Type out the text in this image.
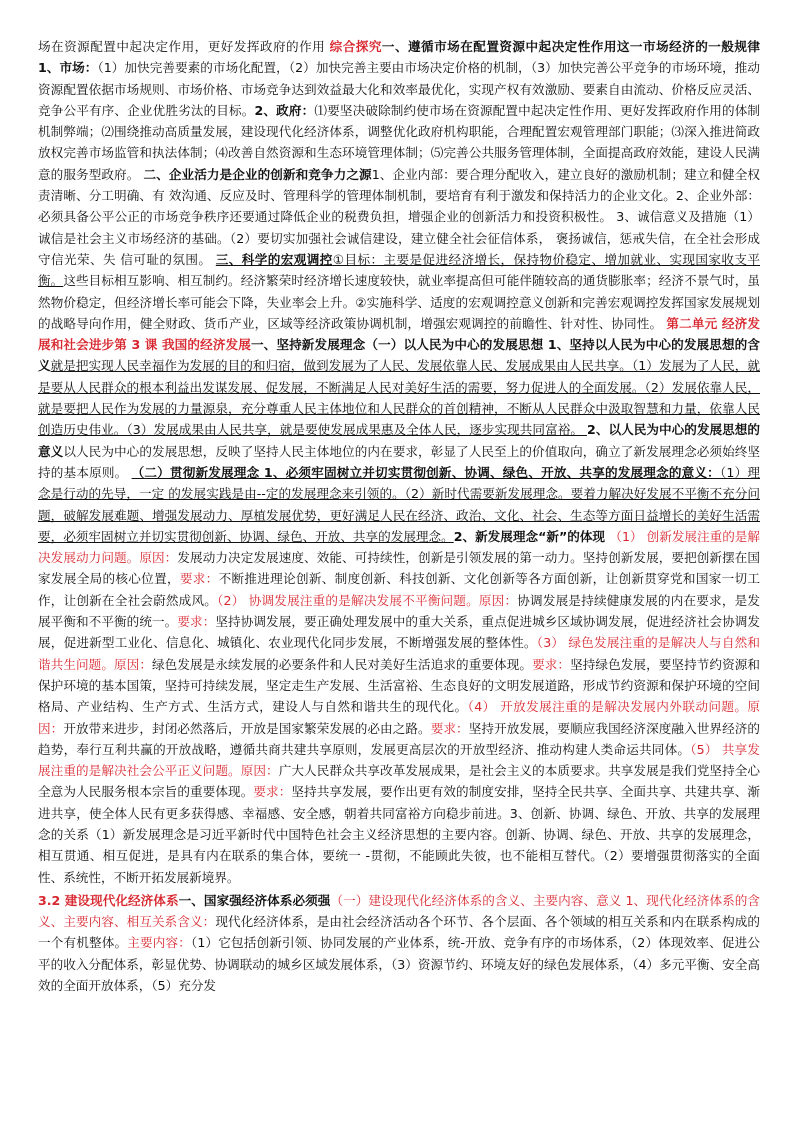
场在资源配置中起决定作用，更好发挥政府的作用 综合探究一、遵循市场在配置资源中起决定性作用这一市场经济的一般规律 1、市场：（1）加快完善要素的市场化配置，（2）加快完善主要由市场决定价格的机制，（3）加快完善公平竞争的市场环境，推动资源配置依据市场规则、市场价格、市场竞争达到效益最大化和效率最优化，实现产权有效激励、要素自由流动、价格反应灵活、竞争公平有序、企业优胜劣汰的目标。2、政府：⑴要坚决破除制约使市场在资源配置中起决定性作用、更好发挥政府作用的体制机制弊端；⑵围绕推动高质量发展，建设现代化经济体系，调整优化政府机构职能，合理配置宏观管理部门职能；⑶深入推进简政放权完善市场监管和执法体制；⑷改善自然资源和生态环境管理体制；⑸完善公共服务管理体制，全面提高政府效能，建设人民满意的服务型政府。 二、企业活力是企业的创新和竞争力之源1、企业内部：要合理分配收入，建立良好的激励机制；建立和健全权责清晰、分工明确、有 效沟通、反应及时、管理科学的管理体制机制，要培育有利于激发和保持活力的企业文化。2、企业外部：必须具备公平公正的市场竞争秩序还要通过降低企业的税费负担，增强企业的创新活力和投资积极性。 3、诚信意义及措施（1）诚信是社会主义市场经济的基础。（2）要切实加强社会诚信建设，建立健全社会征信体系， 褒扬诚信，惩戒失信，在全社会形成守信光荣、失 信可耻的氛围。 三、科学的宏观调控①目标：主要是促进经济增长，保持物价稳定、增加就业、实现国家收支平衡。这些目标相互影响、相互制约。经济繁荣时经济增长速度较快，就业率提高但可能伴随较高的通货膨胀率；经济不景气时，虽然物价稳定，但经济增长率可能会下降，失业率会上升。②实施科学、适度的宏观调控意义创新和完善宏观调控发挥国家发展规划的战略导向作用，健全财政、货币产业，区域等经济政策协调机制，增强宏观调控的前瞻性、针对性、协同性。 第二单元 经济发展和社会进步第 3 课 我国的经济发展一、坚持新发展理念（一）以人民为中心的发展思想 1、坚持以人民为中心的发展思想的含义就是把实现人民幸福作为发展的目的和归宿，做到发展为了人民、发展依靠人民、发展成果由人民共享。（1）发展为了人民，就是要从人民群众的根本利益出发谋发展、促发展，不断满足人民对美好生活的需要，努力促进人的全面发展。（2）发展依靠人民，就是要把人民作为发展的力量源泉，充分尊重人民主体地位和人民群众的首创精神，不断从人民群众中汲取智慧和力量，依靠人民创造历史伟业。（3）发展成果由人民共享，就是要使发展成果惠及全体人民，逐步实现共同富裕。 2、以人民为中心的发展思想的意义以人民为中心的发展思想，反映了坚持人民主体地位的内在要求，彰显了人民至上的价值取向，确立了新发展理念必须始终坚持的基本原则。 （二）贯彻新发展理念 1、必须牢固树立并切实贯彻创新、协调、绿色、开放、共享的发展理念的意义：（1）理念是行动的先导，一定 的发展实践是由--定的发展理念来引领的。（2）新时代需要新发展理念。要着力解决好发展不平衡不充分问题，破解发展难题、增强发展动力、厚植发展优势，更好满足人民在经济、政治、文化、社会、生态等方面日益增长的美好生活需要，必须牢固树立并切实贯彻创新、协调、绿色、开放、共享的发展理念。2、新发展理念“新”的体现 （1） 创新发展注重的是解决发展动力问题。原因：发展动力决定发展速度、效能、可持续性，创新是引领发展的第一动力。坚持创新发展，要把创新摆在国家发展全局的核心位置，要求：不断推进理论创新、制度创新、科技创新、文化创新等各方面创新，让创新贯穿党和国家一切工作，让创新在全社会蔚然成风。（2） 协调发展注重的是解决发展不平衡问题。原因：协调发展是持续健康发展的内在要求，是发展平衡和不平衡的统一。要求：坚持协调发展，要正确处理发展中的重大关系，重点促进城乡区域协调发展，促进经济社会协调发展，促进新型工业化、信息化、城镇化、农业现代化同步发展，不断增强发展的整体性。（3） 绿色发展注重的是解决人与自然和谐共生问题。原因：绿色发展是永续发展的必要条件和人民对美好生活追求的重要体现。要求：坚持绿色发展，要坚持节约资源和保护环境的基本国策，坚持可持续发展，坚定走生产发展、生活富裕、生态良好的文明发展道路，形成节约资源和保护环境的空间格局、产业结构、生产方式、生活方式，建设人与自然和谐共生的现代化。（4） 开放发展注重的是解决发展内外联动问题。原因：开放带来进步，封闭必然落后，开放是国家繁荣发展的必由之路。要求：坚持开放发展，要顺应我国经济深度融入世界经济的趋势，奉行互利共赢的开放战略，遵循共商共建共享原则，发展更高层次的开放型经济、推动构建人类命运共同体。（5） 共享发展注重的是解决社会公平正义问题。原因：广大人民群众共享改革发展成果，是社会主义的本质要求。共享发展是我们党坚持全心全意为人民服务根本宗旨的重要体现。要求：坚持共享发展，要作出更有效的制度安排，坚持全民共享、全面共享、共建共享、渐进共享，使全体人民有更多获得感、幸福感、安全感，朝着共同富裕方向稳步前进。3、创新、协调、绿色、开放、共享的发展理念的关系（1）新发展理念是习近平新时代中国特色社会主义经济思想的主要内容。创新、协调、绿色、开放、共享的发展理念，相互贯通、相互促进，是具有内在联系的集合体，要统一 -贯彻，不能顾此失彼，也不能相互替代。（2）要增强贯彻落实的全面性、系统性，不断开拓发展新境界。

3.2 建设现代化经济体系一、国家强经济体系必须强（一）建设现代化经济体系的含义、主要内容、意义 1、现代化经济体系的含义、主要内容、相互关系含义：现代化经济体系，是由社会经济活动各个环节、各个层面、各个领域的相互关系和内在联系构成的一个有机整体。主要内容：（1）它包括创新引领、协同发展的产业体系，统-开放、竞争有序的市场体系，（2）体现效率、促进公平的收入分配体系，彰显优势、协调联动的城乡区域发展体系，（3）资源节约、环境友好的绿色发展体系，（4）多元平衡、安全高效的全面开放体系，（5）充分发
